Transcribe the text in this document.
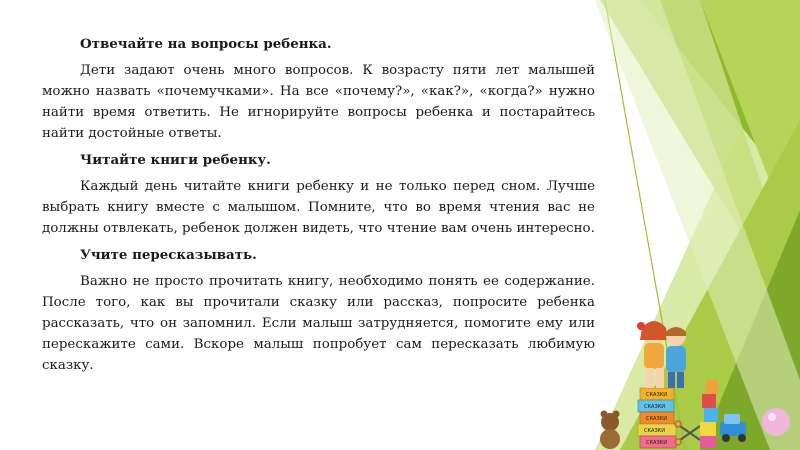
Отвечайте на вопросы ребенка.

Дети задают очень много вопросов. К возрасту пяти лет малышей можно назвать «почемучками». На все «почему?», «как?», «когда?» нужно найти время ответить. Не игнорируйте вопросы ребенка и постарайтесь найти достойные ответы.

Читайте книги ребенку.

Каждый день читайте книги ребенку и не только перед сном. Лучше выбрать книгу вместе с малышом. Помните, что во время чтения вас не должны отвлекать, ребенок должен видеть, что чтение вам очень интересно.

Учите пересказывать.

Важно не просто прочитать книгу, необходимо понять ее содержание. После того, как вы прочитали сказку или рассказ, попросите ребенка рассказать, что он запомнил. Если малыш затрудняется, помогите ему или перескажите сами. Вскоре малыш попробует сам пересказать любимую сказку.

СКАЗКИ
СКАЗКИ
СКАЗКИ
СКАЗКИ
СКАЗКИ
